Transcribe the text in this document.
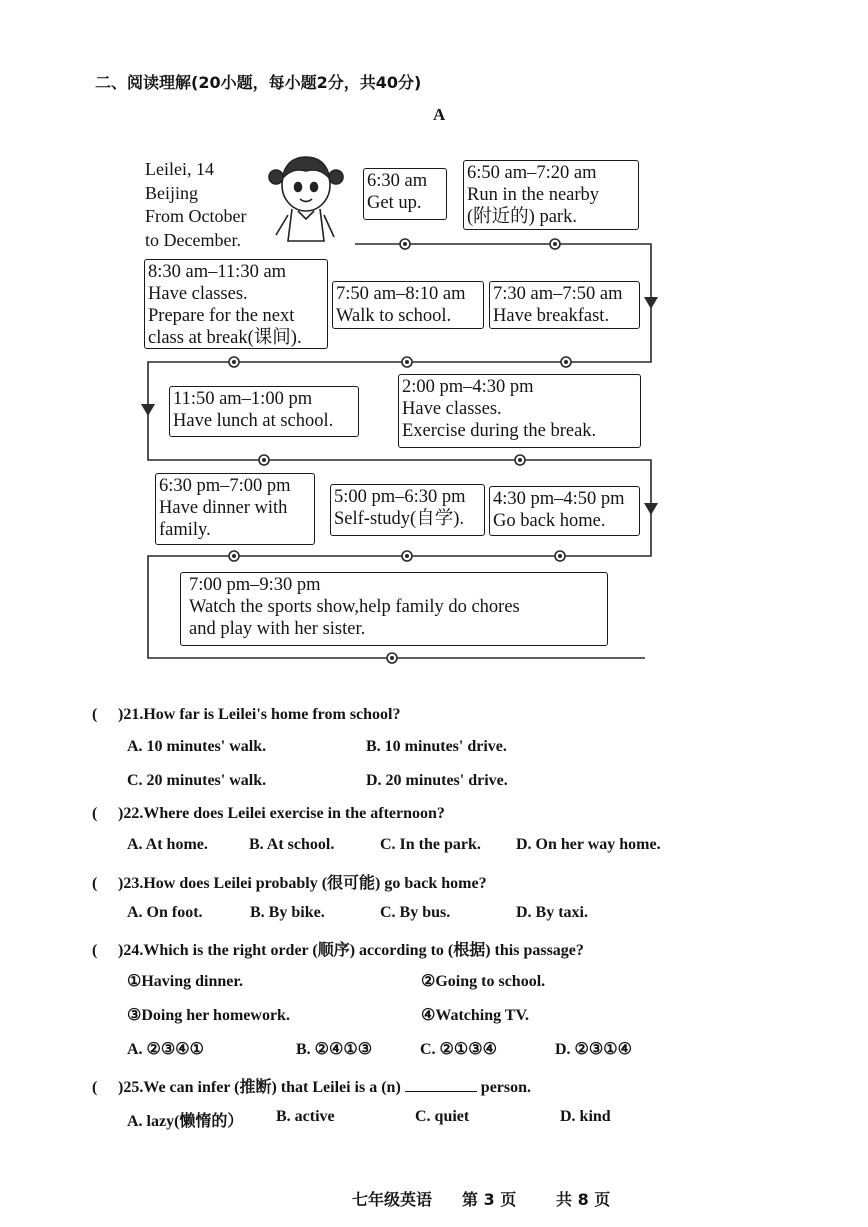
二、阅读理解(20小题，每小题2分，共40分)
A
Leilei, 14
Beijing
From October
to December.
6:30 am
Get up.
6:50 am–7:20 am
Run in the nearby
(附近的) park.
7:30 am–7:50 am
Have breakfast.
7:50 am–8:10 am
Walk to school.
8:30 am–11:30 am
Have classes.
Prepare for the next
class at break(课间).
11:50 am–1:00 pm
Have lunch at school.
2:00 pm–4:30 pm
Have classes.
Exercise during the break.
4:30 pm–4:50 pm
Go back home.
5:00 pm–6:30 pm
Self-study(自学).
6:30 pm–7:00 pm
Have dinner with
family.
7:00 pm–9:30 pm
Watch the sports show,help family do chores
and play with her sister.
( )21.How far is Leilei's home from school?
A. 10 minutes' walk.	B. 10 minutes' drive.
C. 20 minutes' walk.	D. 20 minutes' drive.
( )22.Where does Leilei exercise in the afternoon?
A. At home.	B. At school.	C. In the park. D. On her way home.
( )23.How does Leilei probably (很可能) go back home?
A. On foot.	B. By bike.	C. By bus.	D. By taxi.
( )24.Which is the right order (顺序) according to (根据) this passage?
①Having dinner.	②Going to school.
③Doing her homework.	④Watching TV.
A. ②③④①	B. ②④①③	C. ②①③④	D. ②③①④
( )25.We can infer (推断) that Leilei is a (n)	person.
A. lazy(懒惰的） B. active	C. quiet	D. kind
七年级英语 第 3 页 共 8 页
